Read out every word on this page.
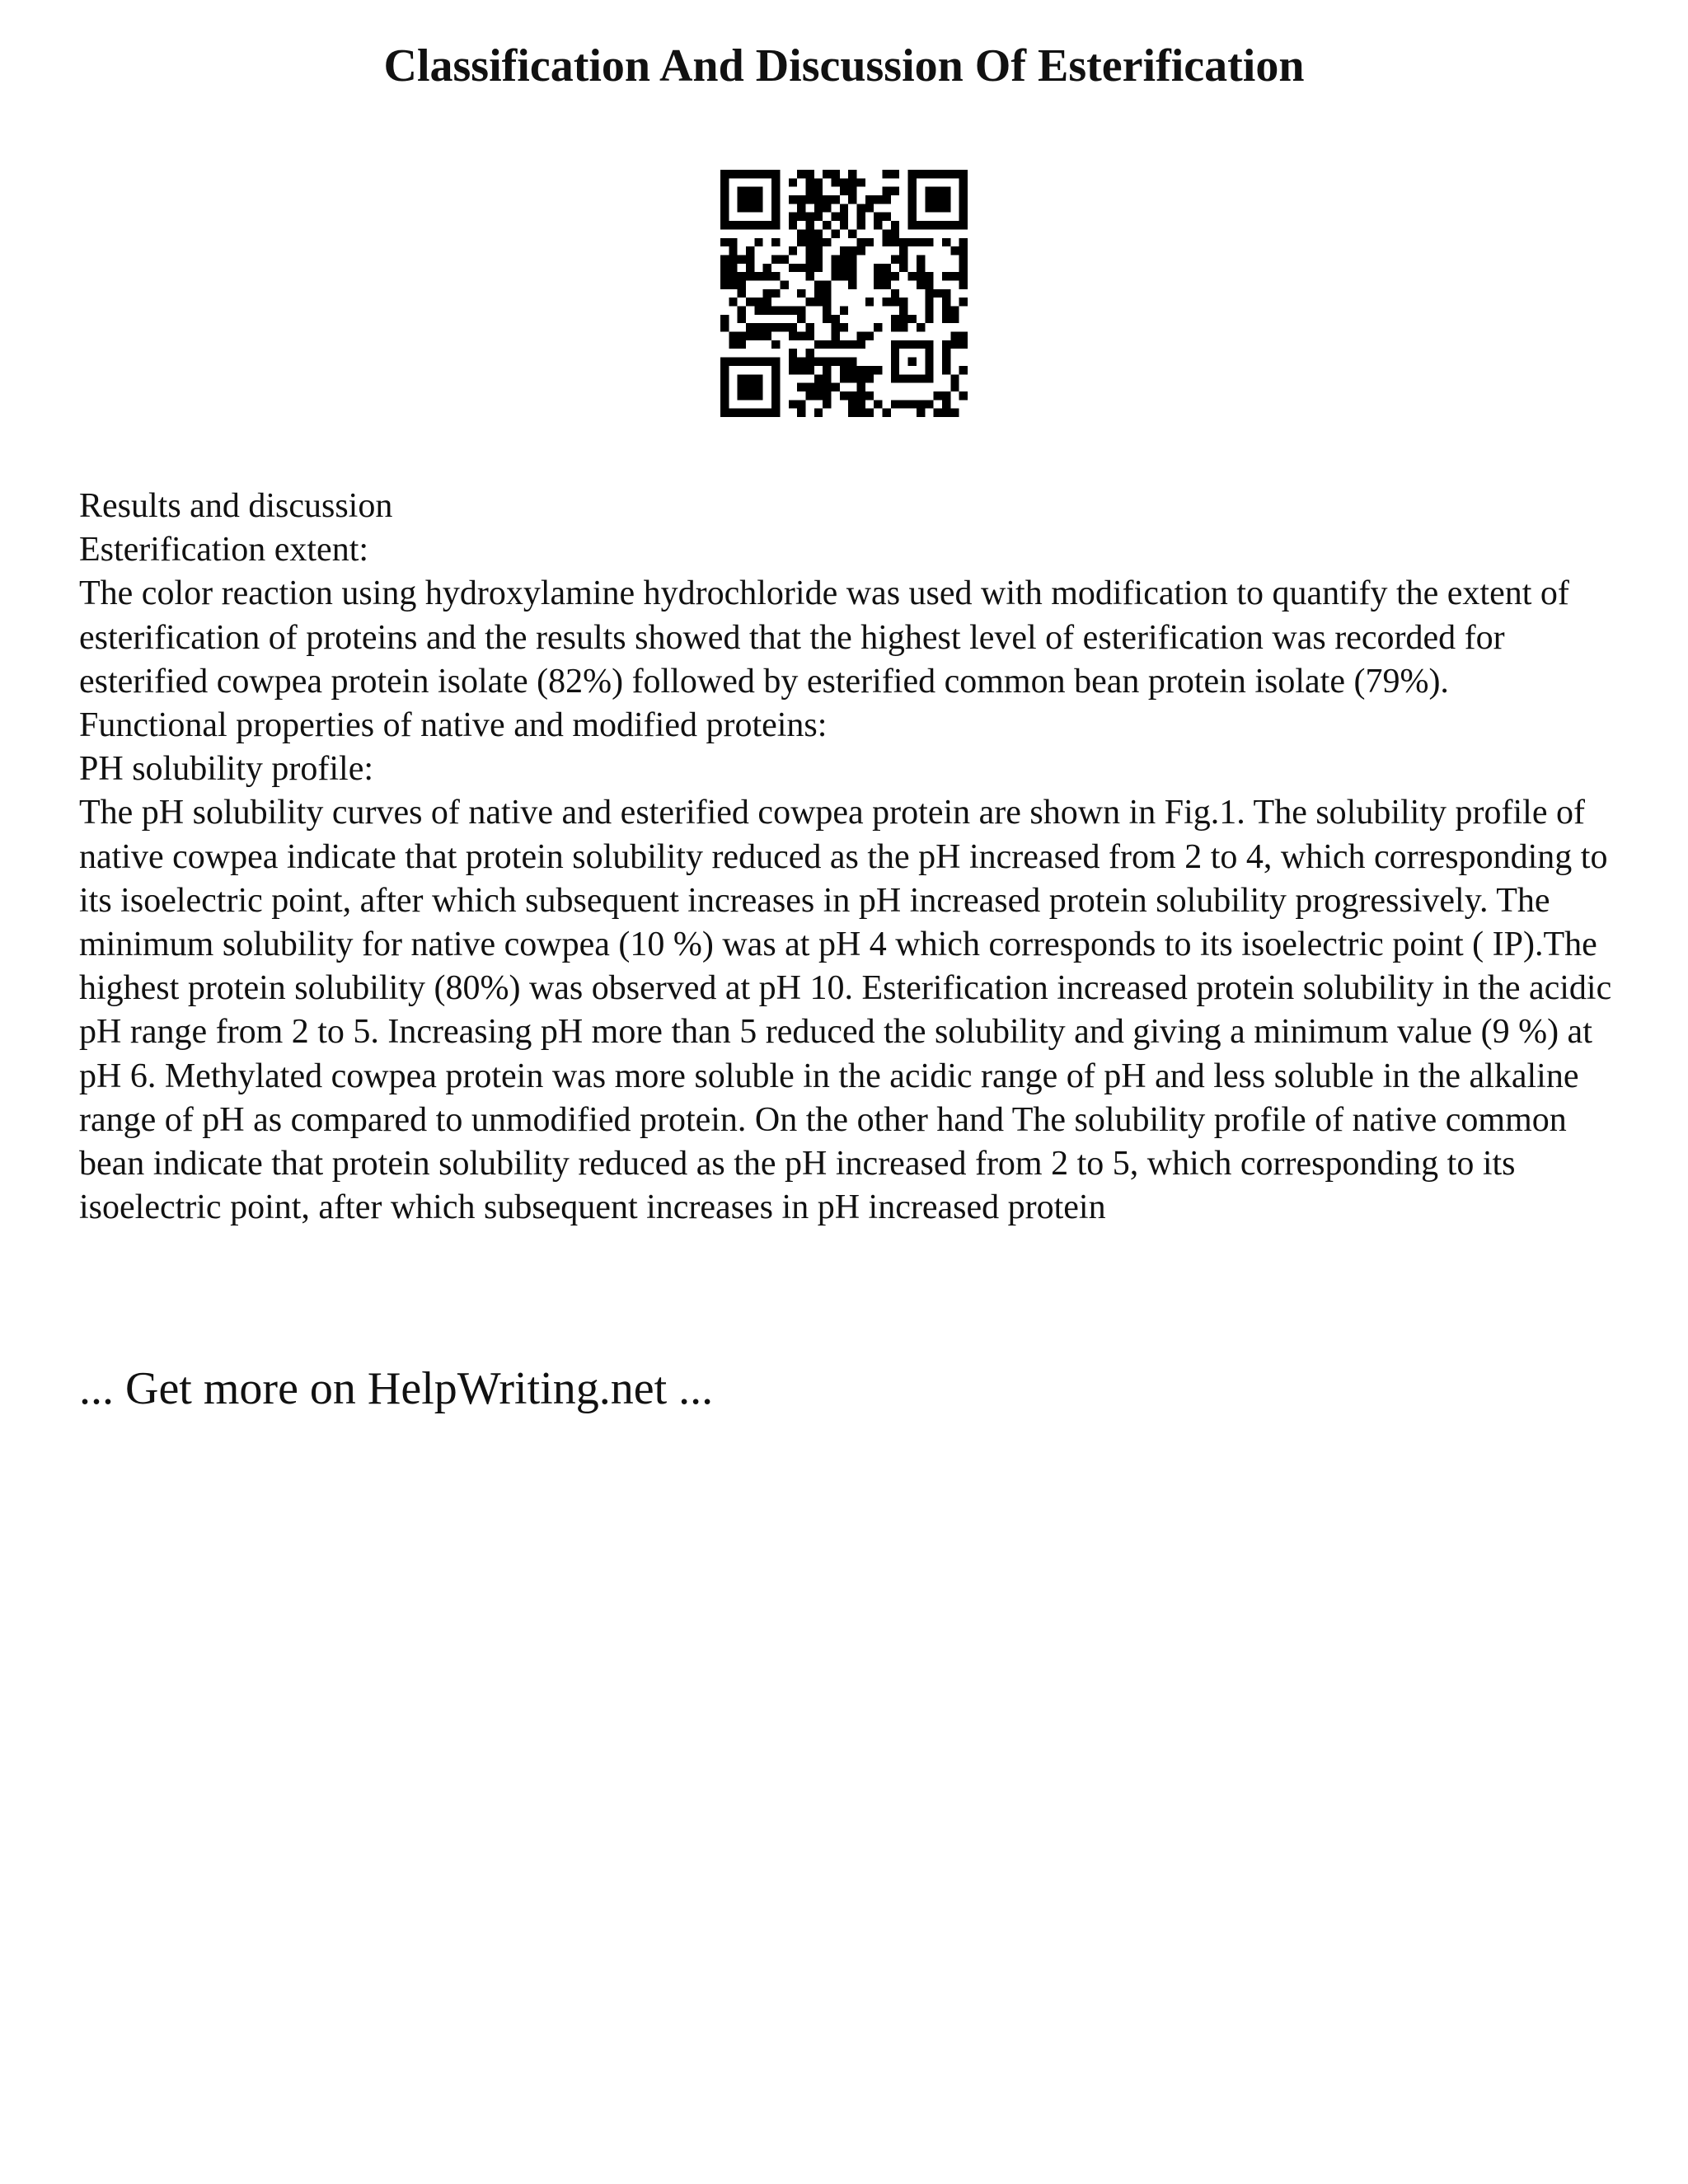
Classification And Discussion Of Esterification

Results and discussion

Esterification extent:

The color reaction using hydroxylamine hydrochloride was used with modification to quantify the extent of esterification of proteins and the results showed that the highest level of esterification was recorded for esterified cowpea protein isolate (82%) followed by esterified common bean protein isolate (79%).

Functional properties of native and modified proteins:

PH solubility profile:

The pH solubility curves of native and esterified cowpea protein are shown in Fig.1. The solubility profile of native cowpea indicate that protein solubility reduced as the pH increased from 2 to 4, which corresponding to its isoelectric point, after which subsequent increases in pH increased protein solubility progressively. The minimum solubility for native cowpea (10 %) was at pH 4 which corresponds to its isoelectric point ( IP).The highest protein solubility (80%) was observed at pH 10. Esterification increased protein solubility in the acidic pH range from 2 to 5. Increasing pH more than 5 reduced the solubility and giving a minimum value (9 %) at pH 6. Methylated cowpea protein was more soluble in the acidic range of pH and less soluble in the alkaline range of pH as compared to unmodified protein. On the other hand The solubility profile of native common bean indicate that protein solubility reduced as the pH increased from 2 to 5, which corresponding to its isoelectric point, after which subsequent increases in pH increased protein

... Get more on HelpWriting.net ...
